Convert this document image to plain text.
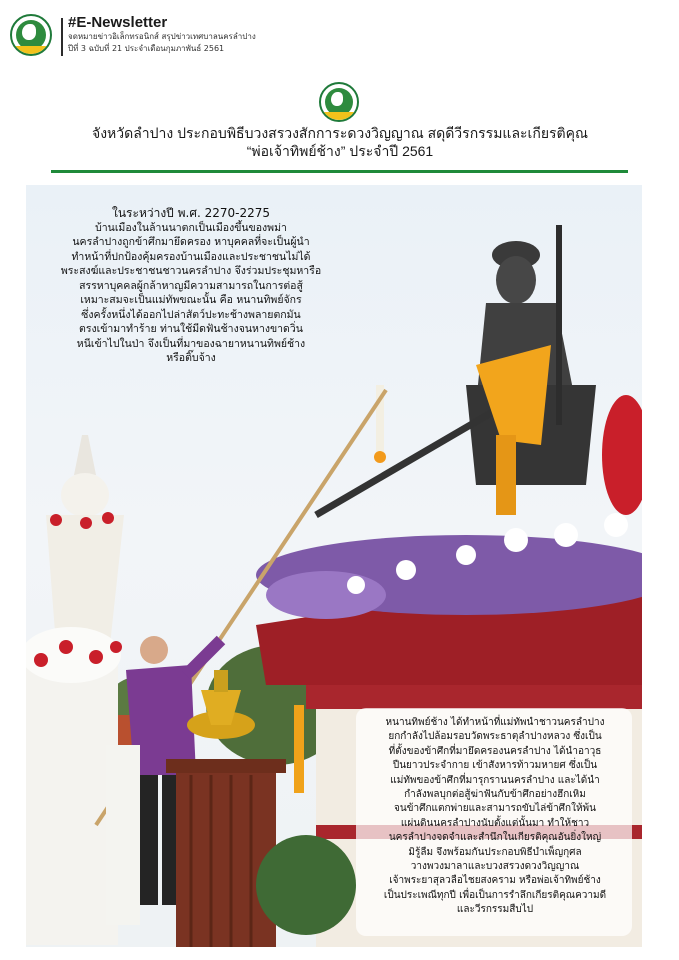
#E-Newsletter
จดหมายข่าวอิเล็กทรอนิกส์ สรุปข่าวเทศบาลนครลำปาง
ปีที่ 3 ฉบับที่ 21 ประจำเดือนกุมภาพันธ์ 2561
จังหวัดลำปาง ประกอบพิธีบวงสรวงสักการะดวงวิญญาณ สดุดีวีรกรรมและเกียรติคุณ
“พ่อเจ้าทิพย์ช้าง” ประจำปี 2561
ในระหว่างปี พ.ศ. 2270-2275
บ้านเมืองในล้านนาตกเป็นเมืองขึ้นของพม่า
นครลำปางถูกข้าศึกมายึดครอง หาบุคคลที่จะเป็นผู้นำ
ทำหน้าที่ปกป้องคุ้มครองบ้านเมืองและประชาชนไม่ได้
พระสงฆ์และประชาชนชาวนครลำปาง จึงร่วมประชุมหารือ
สรรหาบุคคลผู้กล้าหาญมีความสามารถในการต่อสู้
เหมาะสมจะเป็นแม่ทัพขณะนั้น คือ หนานทิพย์จักร
ซึ่งครั้งหนึ่งได้ออกไปล่าสัตว์ปะทะช้างพลายตกมัน
ตรงเข้ามาทำร้าย ท่านใช้มีดฟันช้างจนหางขาดวิ่น
หนีเข้าไปในป่า จึงเป็นที่มาของฉายาหนานทิพย์ช้าง
หรือติ๊บจ้าง
หนานทิพย์ช้าง ได้ทำหน้าที่แม่ทัพนำชาวนครลำปาง
ยกกำลังไปล้อมรอบวัดพระธาตุลำปางหลวง ซึ่งเป็น
ที่ตั้งของข้าศึกที่มายึดครองนครลำปาง ได้นำอาวุธ
ปืนยาวประจำกาย เข้าสังหารท้าวมหายศ ซึ่งเป็น
แม่ทัพของข้าศึกที่มารุกรานนครลำปาง และได้นำ
กำลังพลบุกต่อสู้ฆ่าฟันกับข้าศึกอย่างฮึกเหิม
จนข้าศึกแตกพ่ายและสามารถขับไล่ข้าศึกให้พ้น
แผ่นดินนครลำปางนับตั้งแต่นั้นมา ทำให้ชาว
นครลำปางจดจำและสำนึกในเกียรติคุณอันยิ่งใหญ่
มิรู้ลืม จึงพร้อมกันประกอบพิธีบำเพ็ญกุศล
วางพวงมาลาและบวงสรวงดวงวิญญาณ
เจ้าพระยาสุลวลือไชยสงคราม หรือพ่อเจ้าทิพย์ช้าง
เป็นประเพณีทุกปี เพื่อเป็นการรำลึกเกียรติคุณความดี
และวีรกรรมสืบไป
